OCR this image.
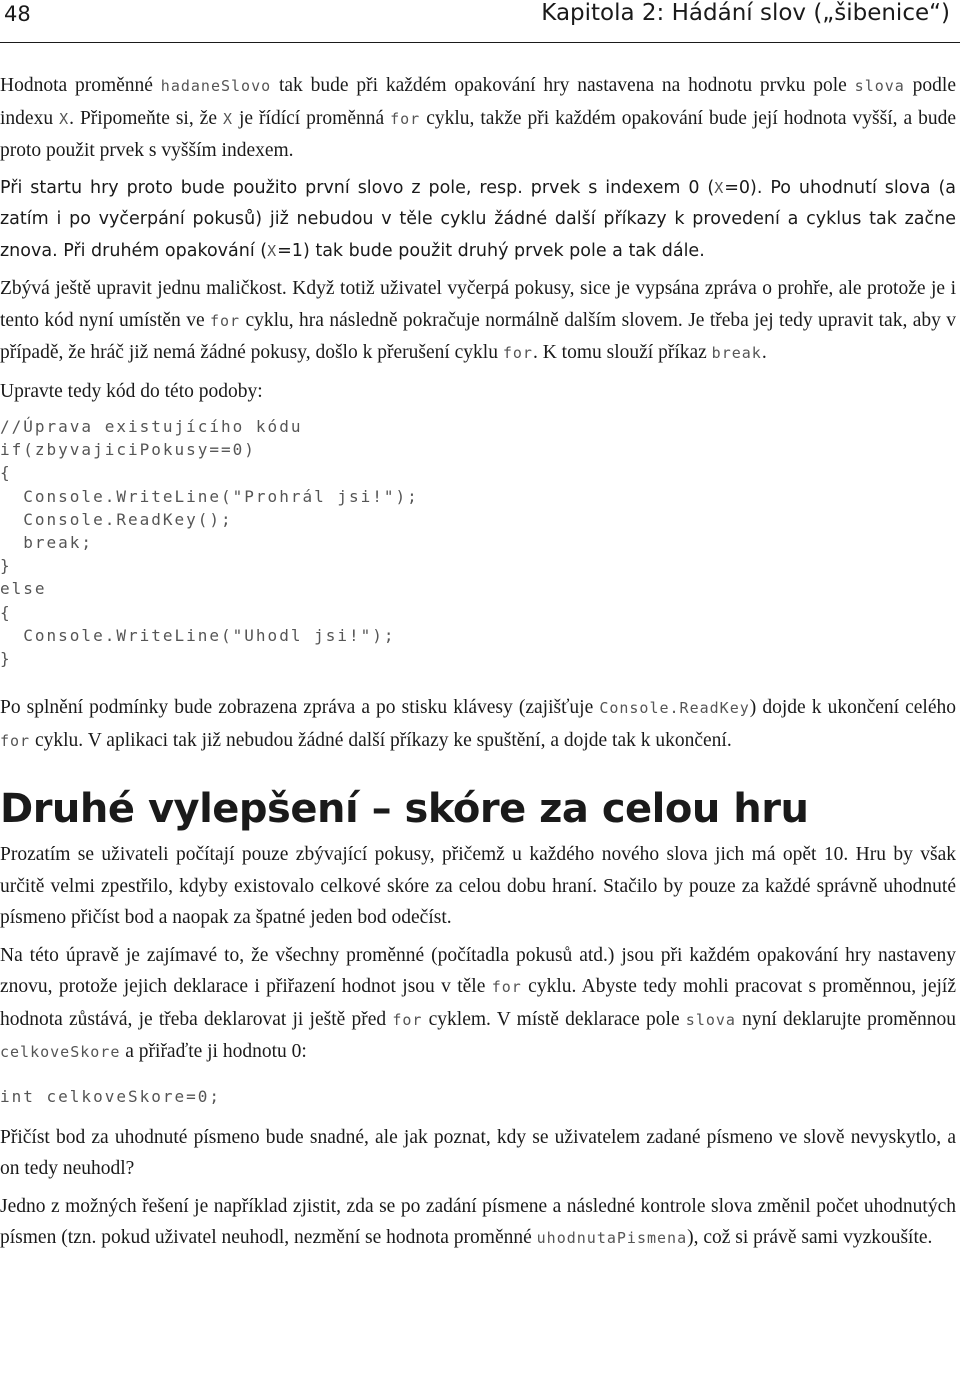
48	Kapitola 2: Hádání slov („šibenice“)

Hodnota proměnné hadaneSlovo tak bude při každém opakování hry nastavena na hodnotu prvku pole slova podle indexu X. Připomeňte si, že X je řídící proměnná for cyklu, takže při každém opakování bude její hodnota vyšší, a bude proto použit prvek s vyšším indexem.

Při startu hry proto bude použito první slovo z pole, resp. prvek s indexem 0 (X=0). Po uhodnutí slova (a zatím i po vyčerpání pokusů) již nebudou v těle cyklu žádné další příkazy k provedení a cyklus tak začne znova. Při druhém opakování (X=1) tak bude použit druhý prvek pole a tak dále.

Zbývá ještě upravit jednu maličkost. Když totiž uživatel vyčerpá pokusy, sice je vypsána zpráva o prohře, ale protože je i tento kód nyní umístěn ve for cyklu, hra následně pokračuje normálně dalším slovem. Je třeba jej tedy upravit tak, aby v případě, že hráč již nemá žádné pokusy, došlo k přerušení cyklu for. K tomu slouží příkaz break.

Upravte tedy kód do této podoby:

//Úprava existujícího kódu
if(zbyvajiciPokusy==0)
{
Console.WriteLine("Prohrál jsi!");
Console.ReadKey();
break;
}
else
{
Console.WriteLine("Uhodl jsi!");
}

Po splnění podmínky bude zobrazena zpráva a po stisku klávesy (zajišťuje Console.ReadKey) dojde k ukončení celého for cyklu. V aplikaci tak již nebudou žádné další příkazy ke spuštění, a dojde tak k ukončení.

Druhé vylepšení – skóre za celou hru

Prozatím se uživateli počítají pouze zbývající pokusy, přičemž u každého nového slova jich má opět 10. Hru by však určitě velmi zpestřilo, kdyby existovalo celkové skóre za celou dobu hraní. Stačilo by pouze za každé správně uhodnuté písmeno přičíst bod a naopak za špatné jeden bod odečíst.

Na této úpravě je zajímavé to, že všechny proměnné (počítadla pokusů atd.) jsou při každém opakování hry nastaveny znovu, protože jejich deklarace i přiřazení hodnot jsou v těle for cyklu. Abyste tedy mohli pracovat s proměnnou, jejíž hodnota zůstává, je třeba deklarovat ji ještě před for cyklem. V místě deklarace pole slova nyní deklarujte proměnnou celkoveSkore a přiřaďte ji hodnotu 0:

int celkoveSkore=0;

Přičíst bod za uhodnuté písmeno bude snadné, ale jak poznat, kdy se uživatelem zadané písmeno ve slově nevyskytlo, a on tedy neuhodl?

Jedno z možných řešení je například zjistit, zda se po zadání písmene a následné kontrole slova změnil počet uhodnutých písmen (tzn. pokud uživatel neuhodl, nezmění se hodnota proměnné uhodnutaPismena), což si právě sami vyzkoušíte.
